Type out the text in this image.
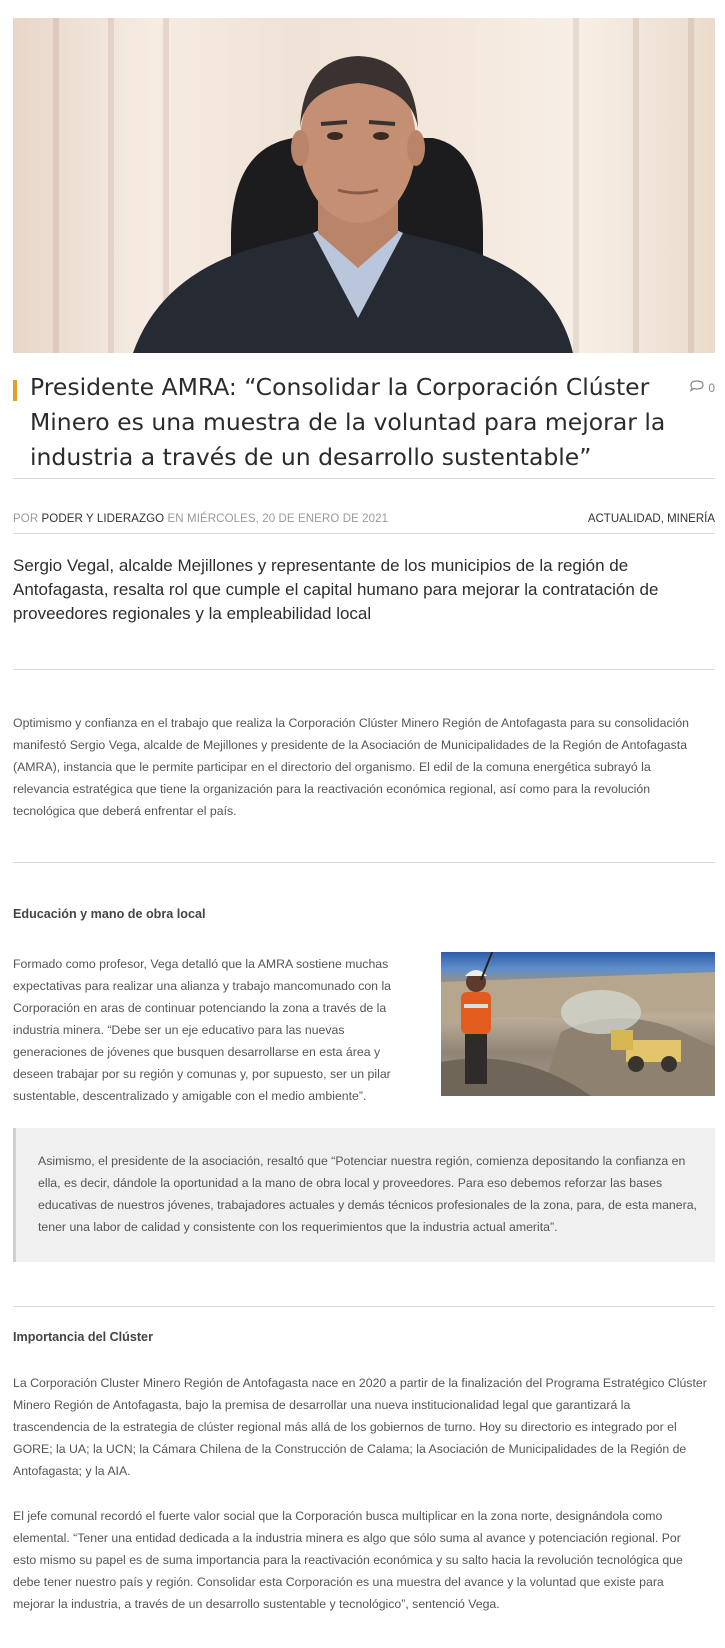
Presidente AMRA: “Consolidar la Corporación Clúster Minero es una muestra de la voluntad para mejorar la industria a través de un desarrollo sustentable”
0
POR PODER Y LIDERAZGO EN MIÉRCOLES, 20 DE ENERO DE 2021	ACTUALIDAD, MINERÍA

Sergio Vegal, alcalde Mejillones y representante de los municipios de la región de Antofagasta, resalta rol que cumple el capital humano para mejorar la contratación de proveedores regionales y la empleabilidad local

Optimismo y confianza en el trabajo que realiza la Corporación Clúster Minero Región de Antofagasta para su consolidación manifestó Sergio Vega, alcalde de Mejillones y presidente de la Asociación de Municipalidades de la Región de Antofagasta (AMRA), instancia que le permite participar en el directorio del organismo. El edil de la comuna energética subrayó la relevancia estratégica que tiene la organización para la reactivación económica regional, así como para la revolución tecnológica que deberá enfrentar el país.

Educación y mano de obra local

Formado como profesor, Vega detalló que la AMRA sostiene muchas expectativas para realizar una alianza y trabajo mancomunado con la Corporación en aras de continuar potenciando la zona a través de la industria minera. “Debe ser un eje educativo para las nuevas generaciones de jóvenes que busquen desarrollarse en esta área y deseen trabajar por su región y comunas y, por supuesto, ser un pilar sustentable, descentralizado y amigable con el medio ambiente”.

Asimismo, el presidente de la asociación, resaltó que “Potenciar nuestra región, comienza depositando la confianza en ella, es decir, dándole la oportunidad a la mano de obra local y proveedores. Para eso debemos reforzar las bases educativas de nuestros jóvenes, trabajadores actuales y demás técnicos profesionales de la zona, para, de esta manera, tener una labor de calidad y consistente con los requerimientos que la industria actual amerita”.

Importancia del Clúster

La Corporación Cluster Minero Región de Antofagasta nace en 2020 a partir de la finalización del Programa Estratégico Clúster Minero Región de Antofagasta, bajo la premisa de desarrollar una nueva institucionalidad legal que garantizará la trascendencia de la estrategia de clúster regional más allá de los gobiernos de turno. Hoy su directorio es integrado por el GORE; la UA; la UCN; la Cámara Chilena de la Construcción de Calama; la Asociación de Municipalidades de la Región de Antofagasta; y la AIA.

El jefe comunal recordó el fuerte valor social que la Corporación busca multiplicar en la zona norte, designándola como elemental. “Tener una entidad dedicada a la industria minera es algo que sólo suma al avance y potenciación regional. Por esto mismo su papel es de suma importancia para la reactivación económica y su salto hacia la revolución tecnológica que debe tener nuestro país y región. Consolidar esta Corporación es una muestra del avance y la voluntad que existe para mejorar la industria, a través de un desarrollo sustentable y tecnológico”, sentenció Vega.
